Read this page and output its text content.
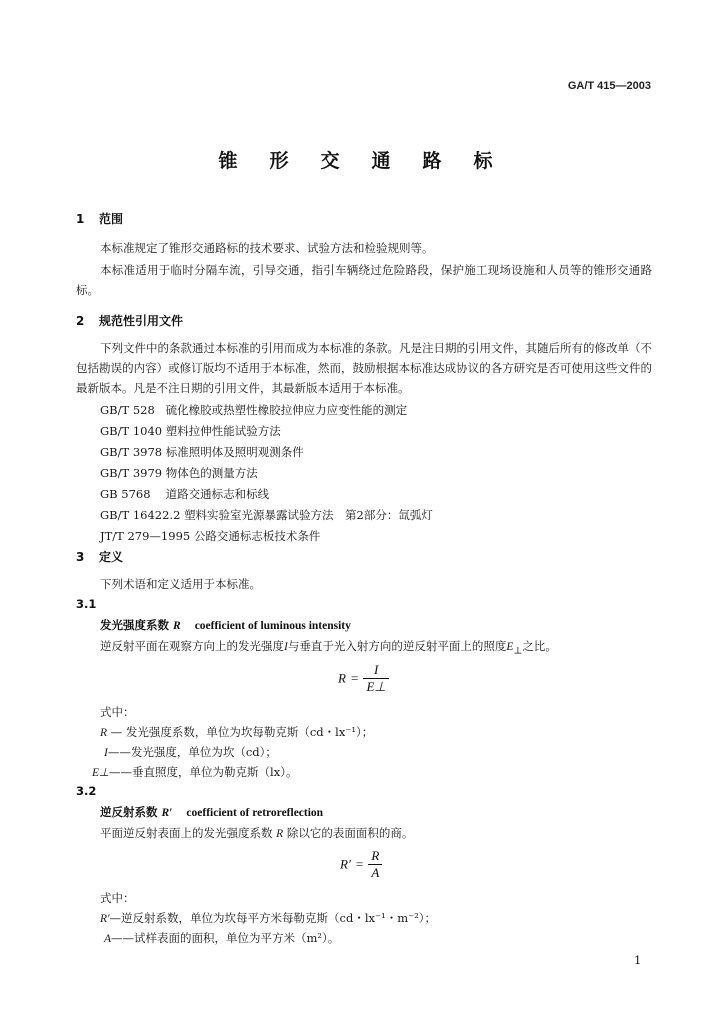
GA/T 415—2003
锥形交通路标
1 范围
本标准规定了锥形交通路标的技术要求、试验方法和检验规则等。
本标准适用于临时分隔车流，引导交通，指引车辆绕过危险路段，保护施工现场设施和人员等的锥形交通路标。
2 规范性引用文件
下列文件中的条款通过本标准的引用而成为本标准的条款。凡是注日期的引用文件，其随后所有的修改单（不包括勘误的内容）或修订版均不适用于本标准，然而，鼓励根据本标准达成协议的各方研究是否可使用这些文件的最新版本。凡是不注日期的引用文件，其最新版本适用于本标准。
GB/T 528 硫化橡胶或热塑性橡胶拉伸应力应变性能的测定
GB/T 1040 塑料拉伸性能试验方法
GB/T 3978 标准照明体及照明观测条件
GB/T 3979 物体色的测量方法
GB 5768 道路交通标志和标线
GB/T 16422.2 塑料实验室光源暴露试验方法　第2部分：氙弧灯
JT/T 279—1995 公路交通标志板技术条件
3 定义
下列术语和定义适用于本标准。
3.1
发光强度系数 R coefficient of luminous intensity
逆反射平面在观察方向上的发光强度I与垂直于光入射方向的逆反射平面上的照度$E_\perp$之比。
$R = \frac{I}{E\perp}$
式中：
R — 发光强度系数，单位为坎每勒克斯（cd・lx⁻¹）；
I——发光强度，单位为坎（cd）；
E⊥——垂直照度，单位为勒克斯（lx）。
3.2
逆反射系数 R′ coefficient of retroreflection
平面逆反射表面上的发光强度系数 R 除以它的表面面积的商。
$R' = \frac{R}{A}$
式中：
R′—逆反射系数，单位为坎每平方米每勒克斯（cd・lx⁻¹・m⁻²）；
A——试样表面的面积，单位为平方米（m²）。
1
